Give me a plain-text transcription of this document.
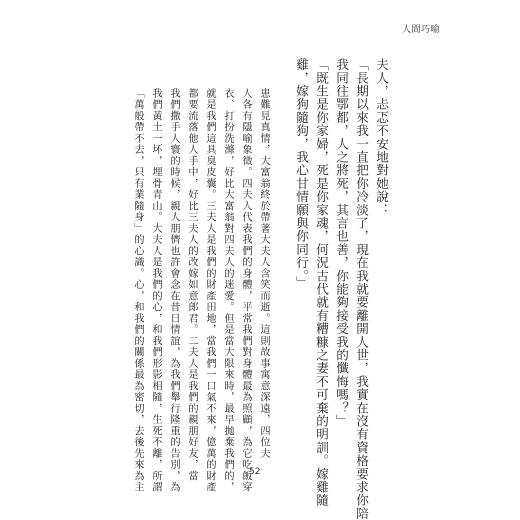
人間巧喻
夫人，忐忑不安地對她說：
「長期以來我一直把你冷淡了，現在我就要離開人世，我實在沒有資格要求你陪
我同往鄂都，人之將死，其言也善，你能夠接受我的懺悔嗎？」
「既生是你家婦，死是你家魂，何況古代就有糟糠之妻不可棄的明訓。嫁雞隨
雞，嫁狗隨狗，我心甘情願與你同行。」
患難見真情，大富翁終於帶著大夫人含笑而逝。這則故事寓意深遠，四位夫
人各有隱喻象徵。四夫人代表我們的身體，平常我們對身體最為照顧，為它吃飯穿
衣、打扮洗滌，好比大富翁對四夫人的迷愛。但是當大限來時，最早拋棄我們的，
就是我們這具臭皮囊。三夫人是我們的財產田地，當我們一口氣不來，億萬的財產
都要流落他人手中，好比三夫人的改嫁如意郎君。二夫人是我們的親朋好友，當
我們撒手人寰的時候，親人朋儕也許會念在昔日情誼，為我們舉行隆重的告別，為
我們黃土一坏，埋骨青山。大夫人是我們的心，和我們形影相隨，生死不離，所謂
「萬般帶不去，只有業隨身」的心識。心，和我們的關係最為密切，去後先來為主	52
